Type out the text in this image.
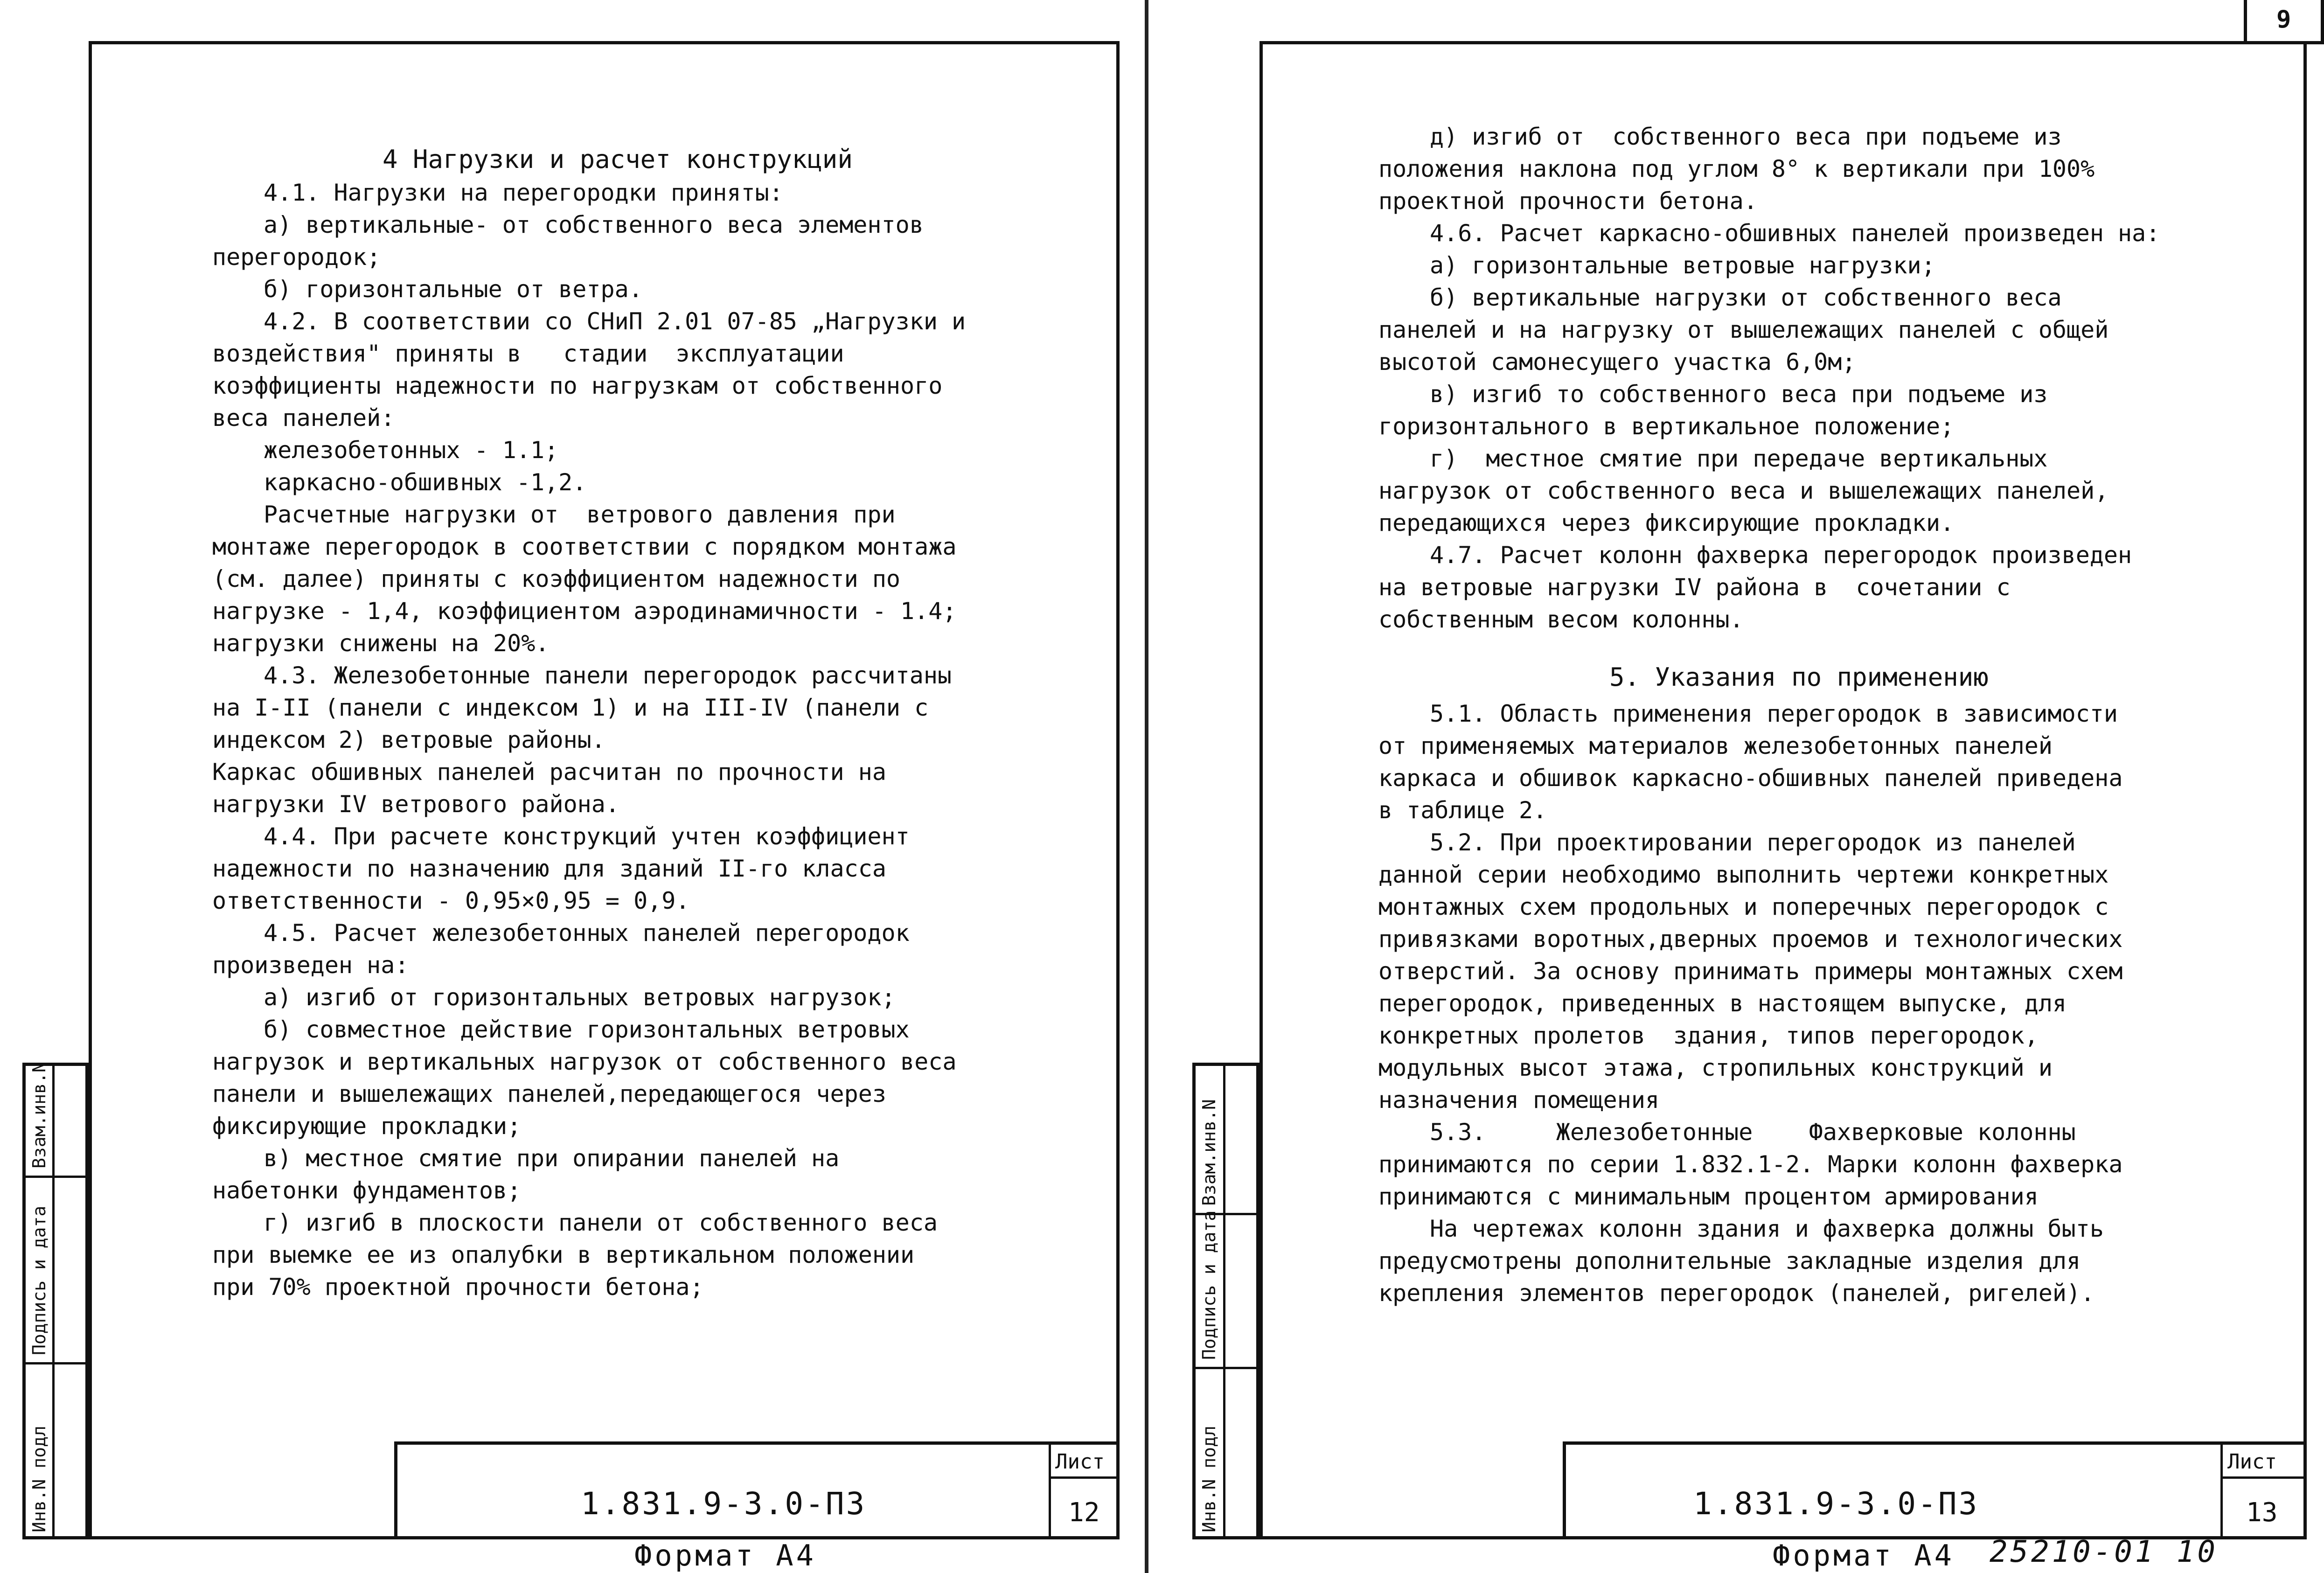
Взам.инв.N
Подпись и дата
Инв.N подл
4 Нагрузки и расчет конструкций
4.1. Нагрузки на перегородки приняты:
а) вертикальные- от собственного веса элементов
перегородок;
б) горизонтальные от ветра.
4.2. В соответствии со СНиП 2.01 07-85 „Нагрузки и
воздействия" приняты в   стадии  эксплуатации
коэффициенты надежности по нагрузкам от собственного
веса панелей:
железобетонных - 1.1;
каркасно-обшивных -1,2.
Расчетные нагрузки от  ветрового давления при
монтаже перегородок в соответствии с порядком монтажа
(см. далее) приняты с коэффициентом надежности по
нагрузке - 1,4, коэффициентом аэродинамичности - 1.4;
нагрузки снижены на 20%.
4.3. Железобетонные панели перегородок рассчитаны
на I-II (панели с индексом 1) и на III-IV (панели с
индексом 2) ветровые районы.
Каркас обшивных панелей расчитан по прочности на
нагрузки IV ветрового района.
4.4. При расчете конструкций учтен коэффициент
надежности по назначению для зданий II-го класса
ответственности - 0,95×0,95 = 0,9.
4.5. Расчет железобетонных панелей перегородок
произведен на:
а) изгиб от горизонтальных ветровых нагрузок;
б) совместное действие горизонтальных ветровых
нагрузок и вертикальных нагрузок от собственного веса
панели и вышележащих панелей,передающегося через
фиксирующие прокладки;
в) местное смятие при опирании панелей на
набетонки фундаментов;
г) изгиб в плоскости панели от собственного веса
при выемке ее из опалубки в вертикальном положении
при 70% проектной прочности бетона;
1.831.9-3.0-ПЗ
Лист
12
Формат А4
Взам.инв.N
Подпись и дата
Инв.N подл
9
д) изгиб от  собственного веса при подъеме из
положения наклона под углом 8° к вертикали при 100%
проектной прочности бетона.
4.6. Расчет каркасно-обшивных панелей произведен на:
а) горизонтальные ветровые нагрузки;
б) вертикальные нагрузки от собственного веса
панелей и на нагрузку от вышележащих панелей с общей
высотой самонесущего участка 6,0м;
в) изгиб то собственного веса при подъеме из
горизонтального в вертикальное положение;
г)  местное смятие при передаче вертикальных
нагрузок от собственного веса и вышележащих панелей,
передающихся через фиксирующие прокладки.
4.7. Расчет колонн фахверка перегородок произведен
на ветровые нагрузки IV района в  сочетании с
собственным весом колонны.
5. Указания по применению
5.1. Область применения перегородок в зависимости
от применяемых материалов железобетонных панелей
каркаса и обшивок каркасно-обшивных панелей приведена
в таблице 2.
5.2. При проектировании перегородок из панелей
данной серии необходимо выполнить чертежи конкретных
монтажных схем продольных и поперечных перегородок с
привязками воротных,дверных проемов и технологических
отверстий. За основу принимать примеры монтажных схем
перегородок, приведенных в настоящем выпуске, для
конкретных пролетов  здания, типов перегородок,
модульных высот этажа, стропильных конструкций и
назначения помещения
5.3.     Железобетонные    Фахверковые колонны
принимаются по серии 1.832.1-2. Марки колонн фахверка
принимаются с минимальным процентом армирования
На чертежах колонн здания и фахверка должны быть
предусмотрены дополнительные закладные изделия для
крепления элементов перегородок (панелей, ригелей).
1.831.9-3.0-ПЗ
Лист
13
Формат А4 25210-01 10
